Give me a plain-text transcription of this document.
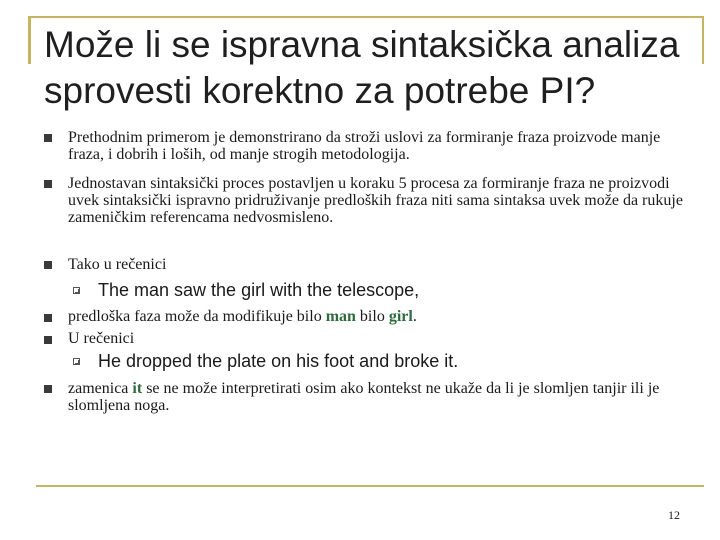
Može li se ispravna sintaksička analiza sprovesti korektno za potrebe PI?
Prethodnim primerom je demonstrirano da stroži uslovi za formiranje fraza proizvode manje fraza, i dobrih i loših, od manje strogih metodologija.
Jednostavan sintaksički proces postavljen u koraku 5 procesa za formiranje fraza ne proizvodi uvek sintaksički ispravno pridruživanje predloških fraza niti sama sintaksa uvek može da rukuje zameničkim referencama nedvosmisleno.
Tako u rečenici
The man saw the girl with the telescope,
predloška faza može da modifikuje bilo man bilo girl.
U rečenici
He dropped the plate on his foot and broke it.
zamenica it se ne može interpretirati osim ako kontekst ne ukaže da li je slomljen tanjir ili je slomljena noga.
12
